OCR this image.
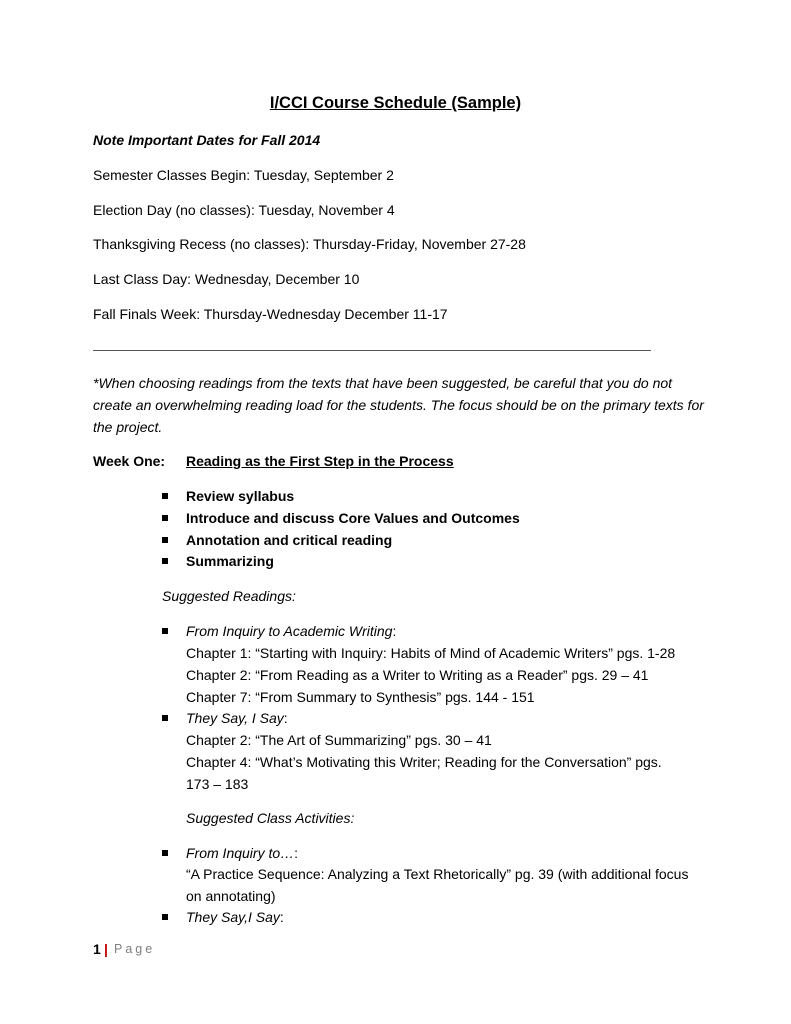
I/CCI Course Schedule (Sample)
Note Important Dates for Fall 2014
Semester Classes Begin: Tuesday, September 2
Election Day (no classes): Tuesday, November 4
Thanksgiving Recess (no classes): Thursday-Friday, November 27-28
Last Class Day: Wednesday, December 10
Fall Finals Week: Thursday-Wednesday December 11-17
*When choosing readings from the texts that have been suggested, be careful that you do not create an overwhelming reading load for the students. The focus should be on the primary texts for the project.
Week One: Reading as the First Step in the Process
Review syllabus
Introduce and discuss Core Values and Outcomes
Annotation and critical reading
Summarizing
Suggested Readings:
From Inquiry to Academic Writing:
Chapter 1: “Starting with Inquiry: Habits of Mind of Academic Writers” pgs. 1-28
Chapter 2: “From Reading as a Writer to Writing as a Reader” pgs. 29 – 41
Chapter 7: “From Summary to Synthesis” pgs. 144 - 151
They Say, I Say:
Chapter 2: “The Art of Summarizing” pgs. 30 – 41
Chapter 4: “What’s Motivating this Writer; Reading for the Conversation” pgs.
173 – 183
Suggested Class Activities:
From Inquiry to…:
“A Practice Sequence: Analyzing a Text Rhetorically” pg. 39 (with additional focus
on annotating)
They Say,I Say:
1 | Page
